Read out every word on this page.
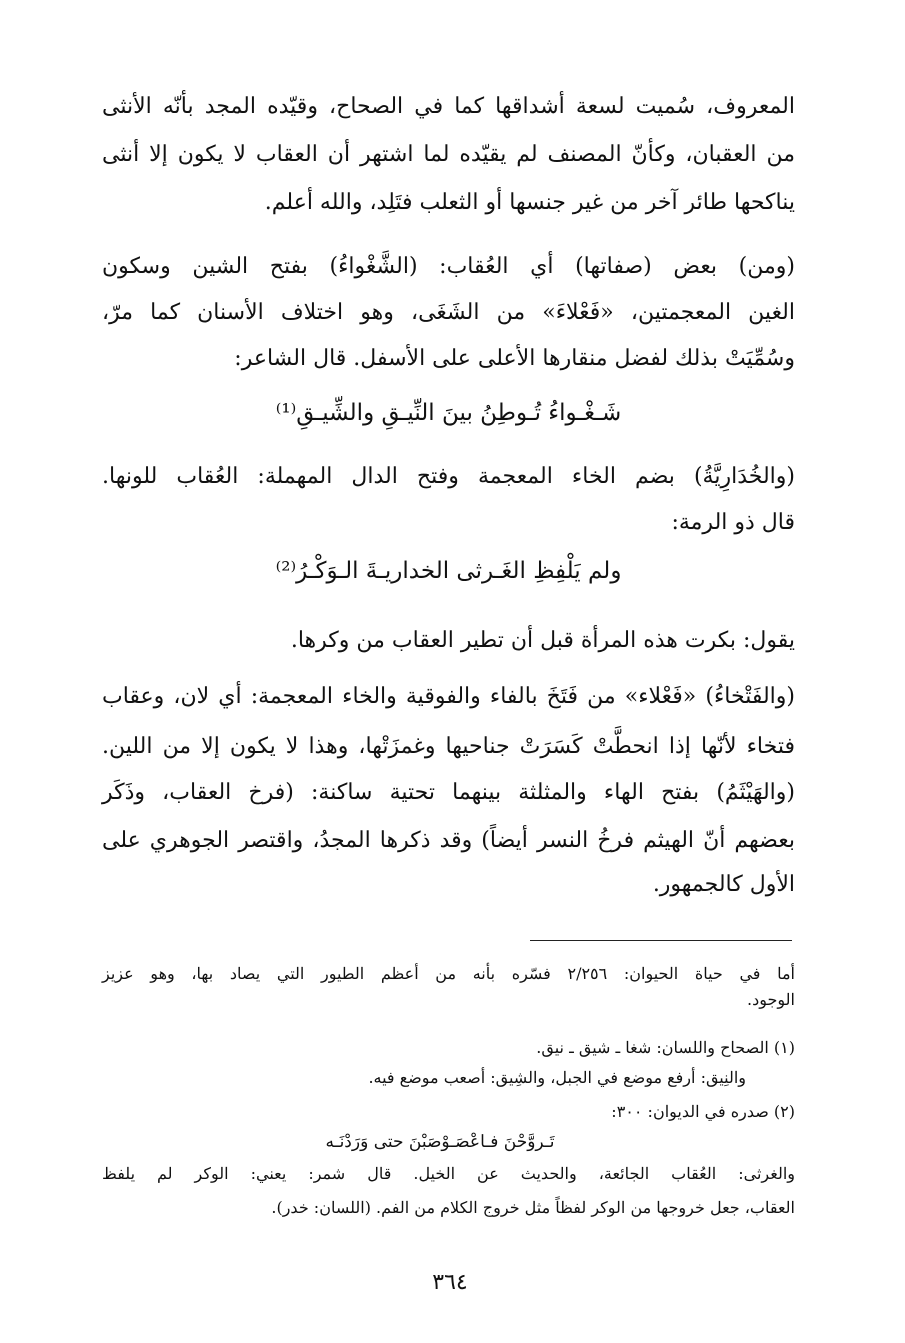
المعروف، سُميت لسعة أشداقها كما في الصحاح، وقيّده المجد بأنّه الأنثى
من العقبان، وكأنّ المصنف لم يقيّده لما اشتهر أن العقاب لا يكون إلا أنثى
يناكحها طائر آخر من غير جنسها أو الثعلب فتَلِد، والله أعلم.
(ومن) بعض (صفاتها) أي العُقاب: (الشَّغْواءُ) بفتح الشين وسكون
الغين المعجمتين، «فَعْلاءَ» من الشَغَى، وهو اختلاف الأسنان كما مرّ،
وسُمِّيَتْ بذلك لفضل منقارها الأعلى على الأسفل. قال الشاعر:
شَـغْـواءُ تُـوطِنُ بينَ النِّيـقِ والشِّيـقِ⁽¹⁾
(والخُدَارِيَّةُ) بضم الخاء المعجمة وفتح الدال المهملة: العُقاب للونها.
قال ذو الرمة:
ولم يَلْفِظِ الغَـرثى الخداريـةَ الـوَكْـرُ⁽²⁾
يقول: بكرت هذه المرأة قبل أن تطير العقاب من وكرها.
(والفَتْخاءُ) «فَعْلاء» من فَتَخَ بالفاء والفوقية والخاء المعجمة: أي لان، وعقاب
فتخاء لأنّها إذا انحطَّتْ كَسَرَتْ جناحيها وغمزَتْها، وهذا لا يكون إلا من اللين.
(والهَيْثَمُ) بفتح الهاء والمثلثة بينهما تحتية ساكنة: (فرخ العقاب، وذَكَر
بعضهم أنّ الهيثم فرخُ النسر أيضاً) وقد ذكرها المجدُ، واقتصر الجوهري على
الأول كالجمهور.
أما في حياة الحيوان: ٢/٢٥٦ فسّره بأنه من أعظم الطيور التي يصاد بها، وهو عزيز
الوجود.
(١) الصحاح واللسان: شغا ـ شيق ـ نيق.
والنِيق: أرفع موضع في الجبل، والشِيق: أصعب موضع فيه.
(٢) صدره في الديوان: ٣٠٠:
تَـروَّحْنَ فـاعْصَـوْصَبْنَ حتى وَرَدْنَـه
والغرثى: العُقاب الجائعة، والحديث عن الخيل. قال شمر: يعني: الوكر لم يلفظ
العقاب، جعل خروجها من الوكر لفظاً مثل خروج الكلام من الفم. (اللسان: خدر).
٣٦٤
